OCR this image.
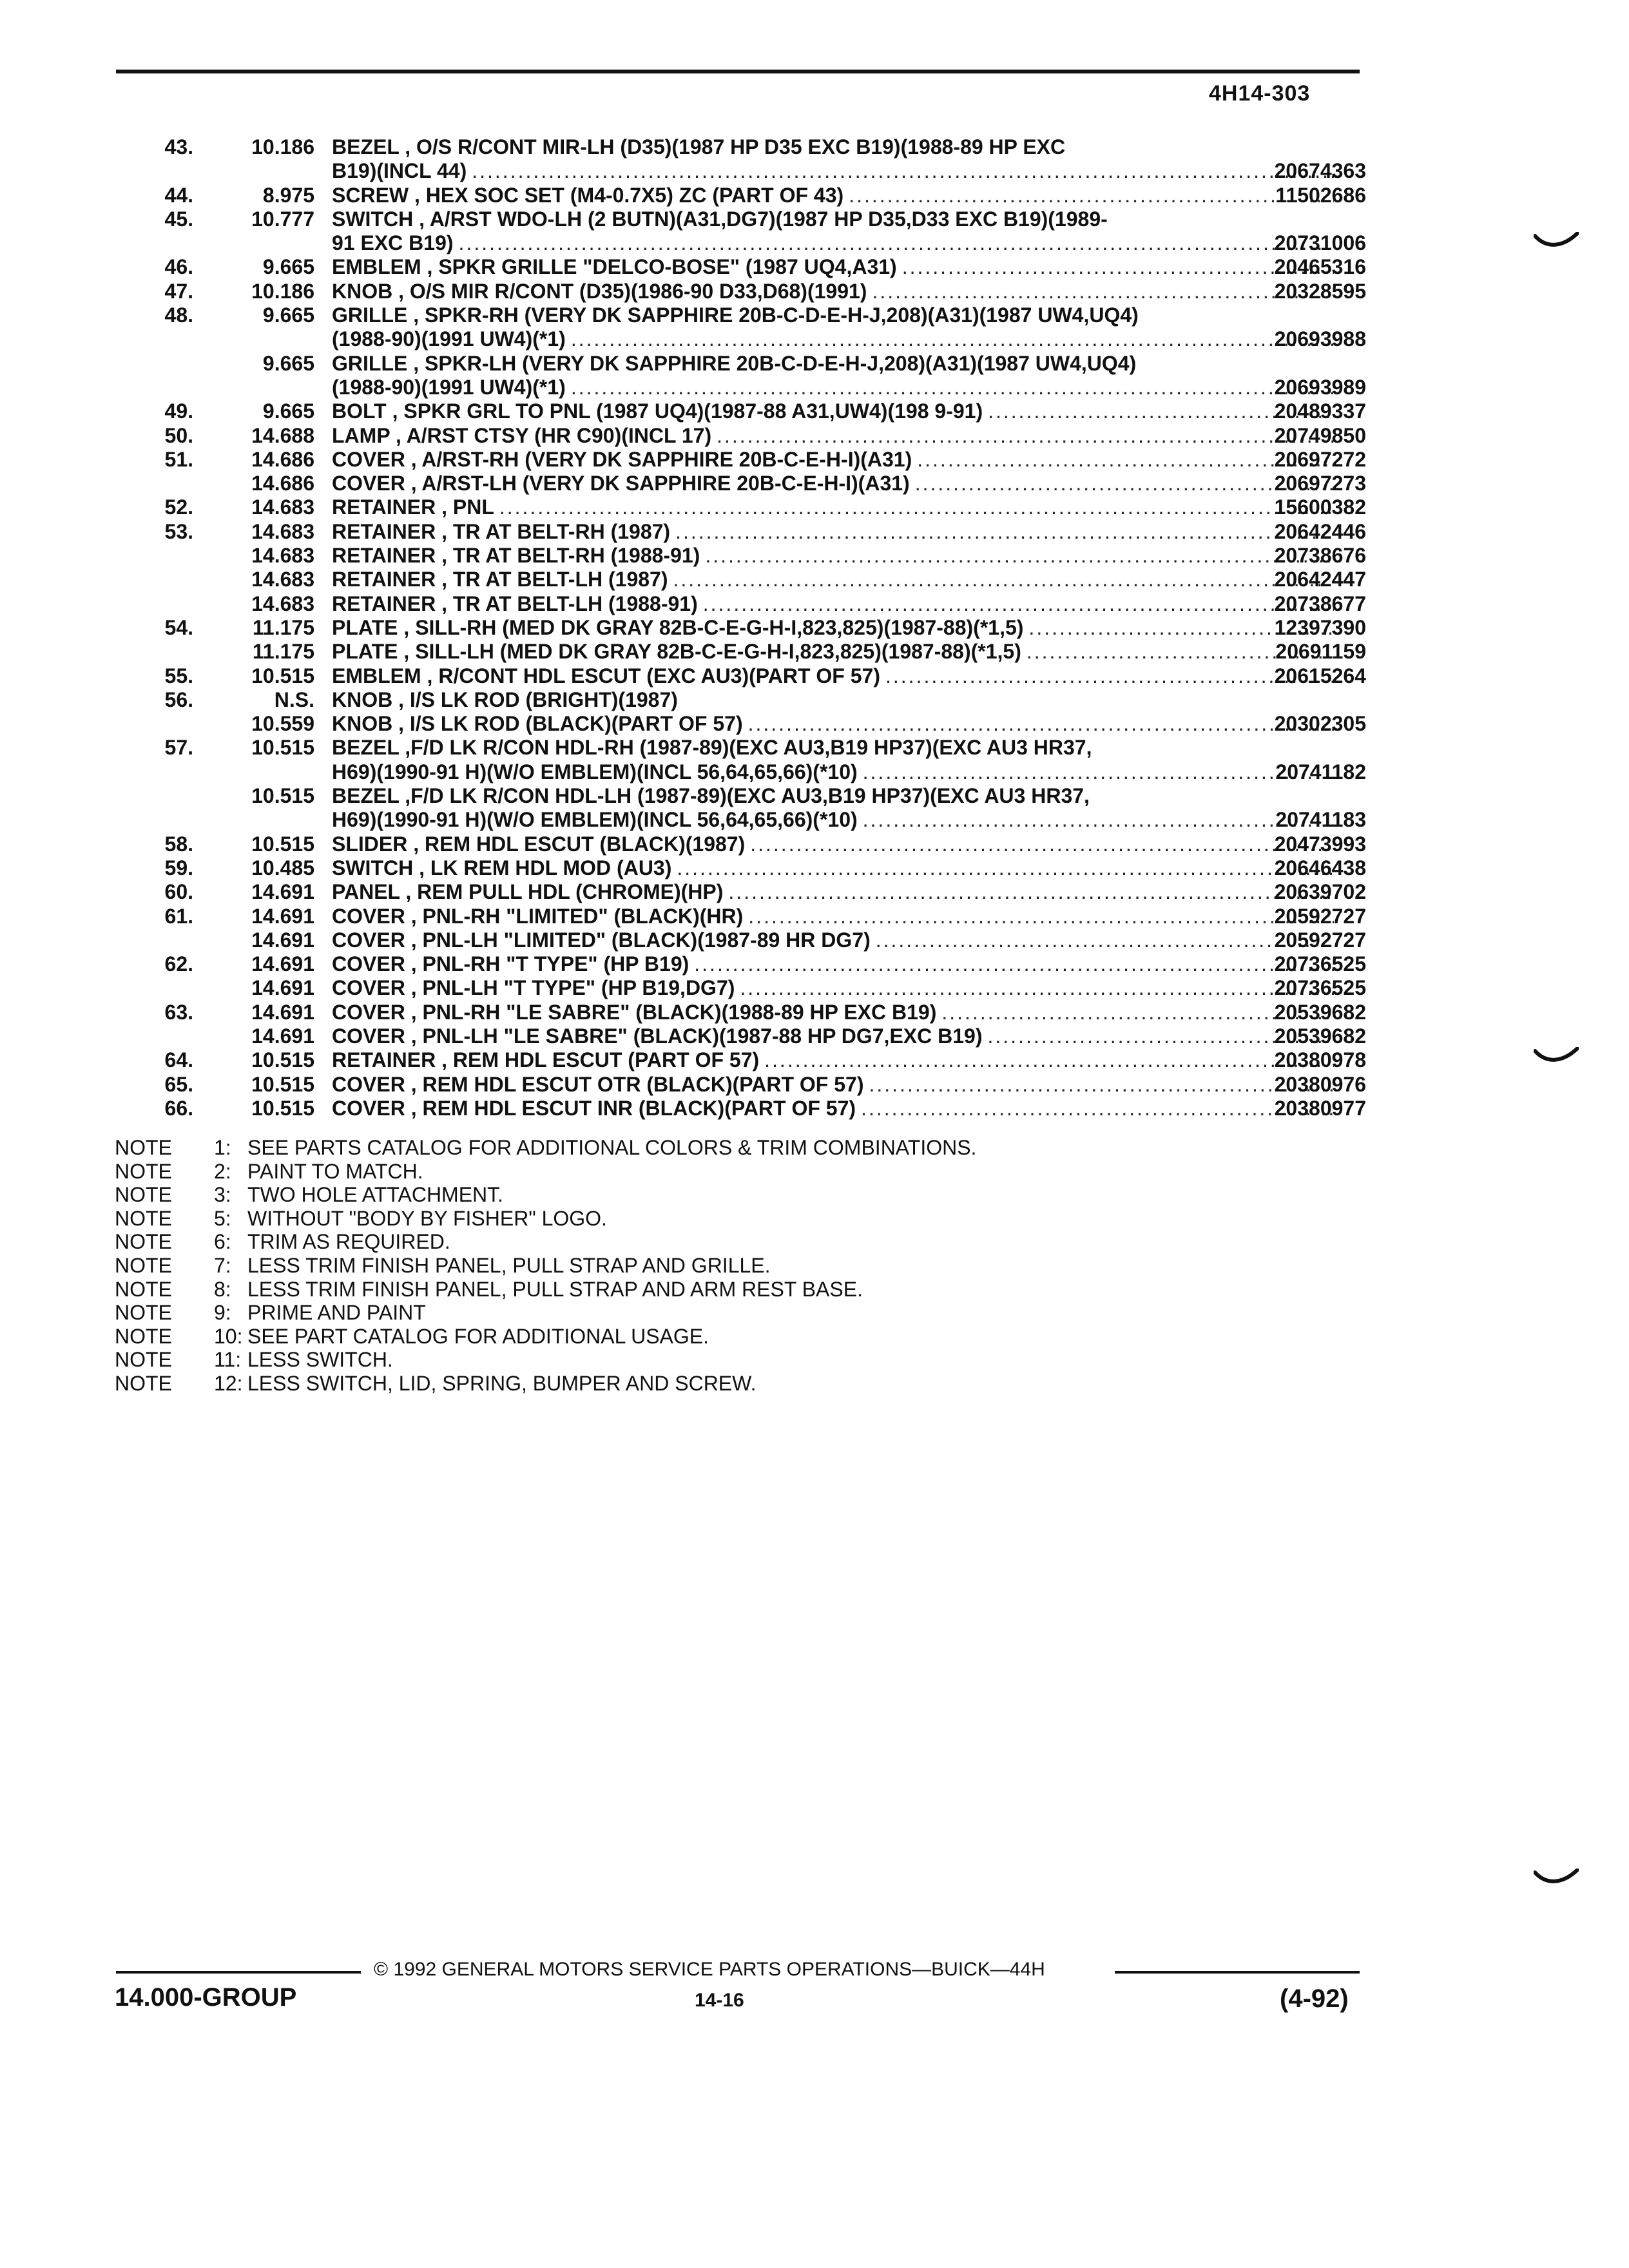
4H14-303
43.	10.186 BEZEL , O/S R/CONT MIR-LH (D35)(1987 HP D35 EXC B19)(1988-89 HP EXC
B19)(INCL 44) .....	20674363
44.	8.975 SCREW , HEX SOC SET (M4-0.7X5) ZC (PART OF 43) .....	11502686
45.	10.777 SWITCH , A/RST WDO-LH (2 BUTN)(A31,DG7)(1987 HP D35,D33 EXC B19)(1989-
91 EXC B19) .....	20731006
46.	9.665 EMBLEM , SPKR GRILLE "DELCO-BOSE" (1987 UQ4,A31) .....	20465316
47.	10.186 KNOB , O/S MIR R/CONT (D35)(1986-90 D33,D68)(1991) .....	20328595
48.	9.665 GRILLE , SPKR-RH (VERY DK SAPPHIRE 20B-C-D-E-H-J,208)(A31)(1987 UW4,UQ4)
(1988-90)(1991 UW4)(*1) .....	20693988
9.665 GRILLE , SPKR-LH (VERY DK SAPPHIRE 20B-C-D-E-H-J,208)(A31)(1987 UW4,UQ4)
(1988-90)(1991 UW4)(*1) .....	20693989
49.	9.665 BOLT , SPKR GRL TO PNL (1987 UQ4)(1987-88 A31,UW4)(198 9-91) .....	20489337
50.	14.688 LAMP , A/RST CTSY (HR C90)(INCL 17) .....	20749850
51.	14.686 COVER , A/RST-RH (VERY DK SAPPHIRE 20B-C-E-H-I)(A31) .....	20697272
14.686 COVER , A/RST-LH (VERY DK SAPPHIRE 20B-C-E-H-I)(A31) .....	20697273
52.	14.683 RETAINER , PNL .....	15600382
53.	14.683 RETAINER , TR AT BELT-RH (1987) .....	20642446
14.683 RETAINER , TR AT BELT-RH (1988-91) .....	20738676
14.683 RETAINER , TR AT BELT-LH (1987) .....	20642447
14.683 RETAINER , TR AT BELT-LH (1988-91) .....	20738677
54.	11.175 PLATE , SILL-RH (MED DK GRAY 82B-C-E-G-H-I,823,825)(1987-88)(*1,5) .....	12397390
11.175 PLATE , SILL-LH (MED DK GRAY 82B-C-E-G-H-I,823,825)(1987-88)(*1,5) .....	20691159
55.	10.515 EMBLEM , R/CONT HDL ESCUT (EXC AU3)(PART OF 57) .....	20615264
56.	N.S. KNOB , I/S LK ROD (BRIGHT)(1987)
10.559 KNOB , I/S LK ROD (BLACK)(PART OF 57) .....	20302305
57.	10.515 BEZEL ,F/D LK R/CON HDL-RH (1987-89)(EXC AU3,B19 HP37)(EXC AU3 HR37,
H69)(1990-91 H)(W/O EMBLEM)(INCL 56,64,65,66)(*10) .....	20741182
10.515 BEZEL ,F/D LK R/CON HDL-LH (1987-89)(EXC AU3,B19 HP37)(EXC AU3 HR37,
H69)(1990-91 H)(W/O EMBLEM)(INCL 56,64,65,66)(*10) .....	20741183
58.	10.515 SLIDER , REM HDL ESCUT (BLACK)(1987) .....	20473993
59.	10.485 SWITCH , LK REM HDL MOD (AU3) .....	20646438
60.	14.691 PANEL , REM PULL HDL (CHROME)(HP) .....	20639702
61.	14.691 COVER , PNL-RH "LIMITED" (BLACK)(HR) .....	20592727
14.691 COVER , PNL-LH "LIMITED" (BLACK)(1987-89 HR DG7) .....	20592727
62.	14.691 COVER , PNL-RH "T TYPE" (HP B19) .....	20736525
14.691 COVER , PNL-LH "T TYPE" (HP B19,DG7) .....	20736525
63.	14.691 COVER , PNL-RH "LE SABRE" (BLACK)(1988-89 HP EXC B19) .....	20539682
14.691 COVER , PNL-LH "LE SABRE" (BLACK)(1987-88 HP DG7,EXC B19) .....	20539682
64.	10.515 RETAINER , REM HDL ESCUT (PART OF 57) .....	20380978
65.	10.515 COVER , REM HDL ESCUT OTR (BLACK)(PART OF 57) .....	20380976
66.	10.515 COVER , REM HDL ESCUT INR (BLACK)(PART OF 57) .....	20380977
NOTE 1: SEE PARTS CATALOG FOR ADDITIONAL COLORS & TRIM COMBINATIONS.
NOTE 2: PAINT TO MATCH.
NOTE 3: TWO HOLE ATTACHMENT.
NOTE 5: WITHOUT "BODY BY FISHER" LOGO.
NOTE 6: TRIM AS REQUIRED.
NOTE 7: LESS TRIM FINISH PANEL, PULL STRAP AND GRILLE.
NOTE 8: LESS TRIM FINISH PANEL, PULL STRAP AND ARM REST BASE.
NOTE 9: PRIME AND PAINT
NOTE 10: SEE PART CATALOG FOR ADDITIONAL USAGE.
NOTE 11: LESS SWITCH.
NOTE 12: LESS SWITCH, LID, SPRING, BUMPER AND SCREW.
© 1992 GENERAL MOTORS SERVICE PARTS OPERATIONS—BUICK—44H
14.000-GROUP	14-16	(4-92)
